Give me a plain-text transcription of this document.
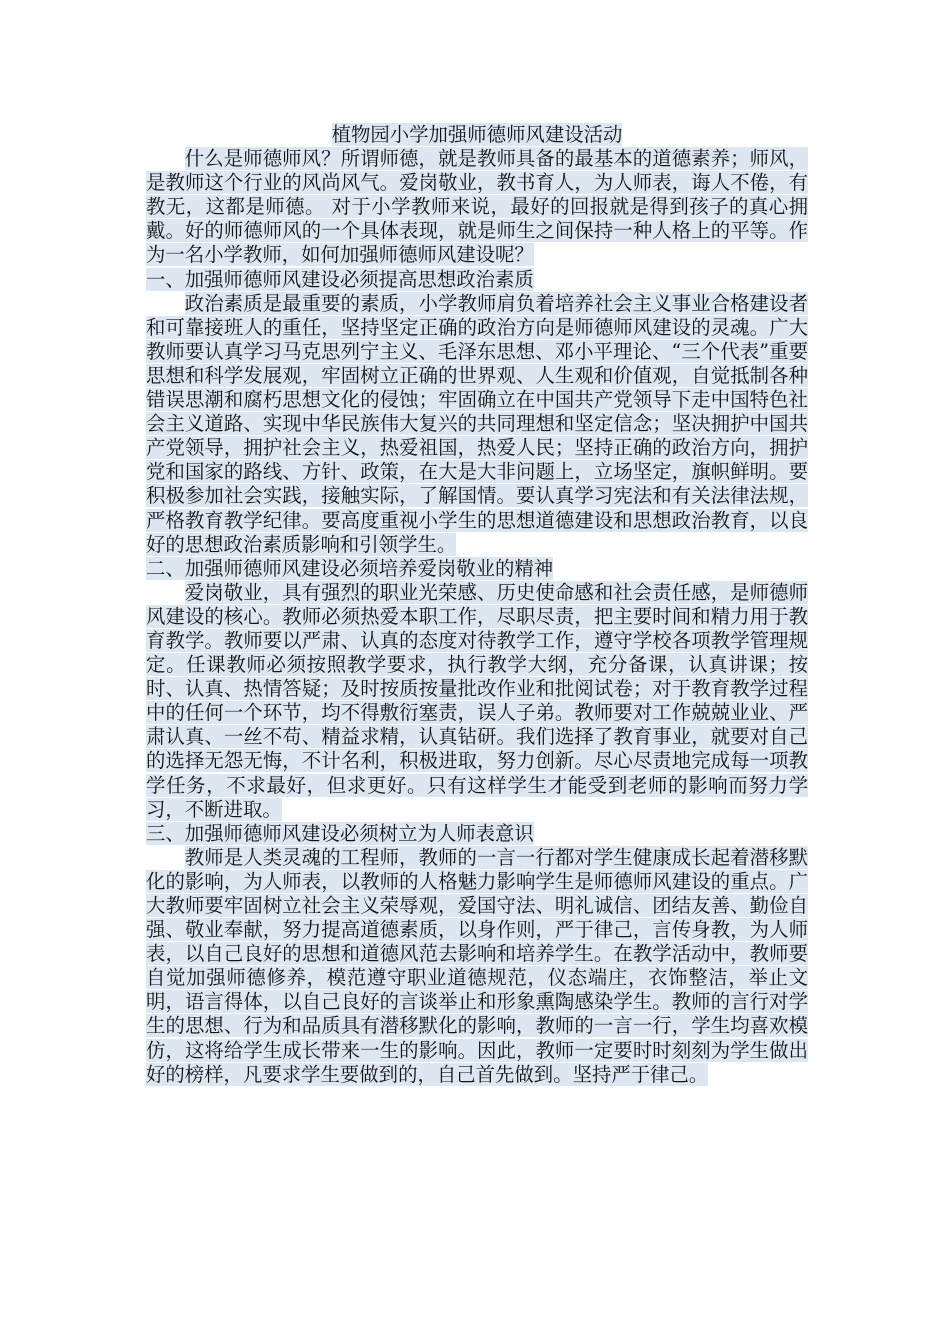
植物园小学加强师德师风建设活动

什么是师德师风？所谓师德，就是教师具备的最基本的道德素养；师风，是教师这个行业的风尚风气。爱岗敬业，教书育人，为人师表，诲人不倦，有教无，这都是师德。 对于小学教师来说，最好的回报就是得到孩子的真心拥戴。好的师德师风的一个具体表现，就是师生之间保持一种人格上的平等。作为一名小学教师，如何加强师德师风建设呢？

一、加强师德师风建设必须提高思想政治素质

政治素质是最重要的素质，小学教师肩负着培养社会主义事业合格建设者和可靠接班人的重任，坚持坚定正确的政治方向是师德师风建设的灵魂。广大教师要认真学习马克思列宁主义、毛泽东思想、邓小平理论、“三个代表”重要思想和科学发展观，牢固树立正确的世界观、人生观和价值观，自觉抵制各种错误思潮和腐朽思想文化的侵蚀；牢固确立在中国共产党领导下走中国特色社会主义道路、实现中华民族伟大复兴的共同理想和坚定信念；坚决拥护中国共产党领导，拥护社会主义，热爱祖国，热爱人民；坚持正确的政治方向，拥护党和国家的路线、方针、政策，在大是大非问题上，立场坚定，旗帜鲜明。要积极参加社会实践，接触实际，了解国情。要认真学习宪法和有关法律法规，严格教育教学纪律。要高度重视小学生的思想道德建设和思想政治教育，以良好的思想政治素质影响和引领学生。

二、加强师德师风建设必须培养爱岗敬业的精神

爱岗敬业，具有强烈的职业光荣感、历史使命感和社会责任感，是师德师风建设的核心。教师必须热爱本职工作，尽职尽责，把主要时间和精力用于教育教学。教师要以严肃、认真的态度对待教学工作，遵守学校各项教学管理规定。任课教师必须按照教学要求，执行教学大纲，充分备课，认真讲课；按时、认真、热情答疑；及时按质按量批改作业和批阅试卷；对于教育教学过程中的任何一个环节，均不得敷衍塞责，误人子弟。教师要对工作兢兢业业、严肃认真、一丝不苟、精益求精，认真钻研。我们选择了教育事业，就要对自己的选择无怨无悔，不计名利，积极进取，努力创新。尽心尽责地完成每一项教学任务，不求最好，但求更好。只有这样学生才能受到老师的影响而努力学习，不断进取。

三、加强师德师风建设必须树立为人师表意识

教师是人类灵魂的工程师，教师的一言一行都对学生健康成长起着潜移默化的影响，为人师表，以教师的人格魅力影响学生是师德师风建设的重点。广大教师要牢固树立社会主义荣辱观，爱国守法、明礼诚信、团结友善、勤俭自强、敬业奉献，努力提高道德素质，以身作则，严于律己，言传身教，为人师表，以自己良好的思想和道德风范去影响和培养学生。在教学活动中，教师要自觉加强师德修养，模范遵守职业道德规范，仪态端庄，衣饰整洁，举止文明，语言得体，以自己良好的言谈举止和形象熏陶感染学生。教师的言行对学生的思想、行为和品质具有潜移默化的影响，教师的一言一行，学生均喜欢模仿，这将给学生成长带来一生的影响。因此，教师一定要时时刻刻为学生做出好的榜样，凡要求学生要做到的，自己首先做到。坚持严于律己。
